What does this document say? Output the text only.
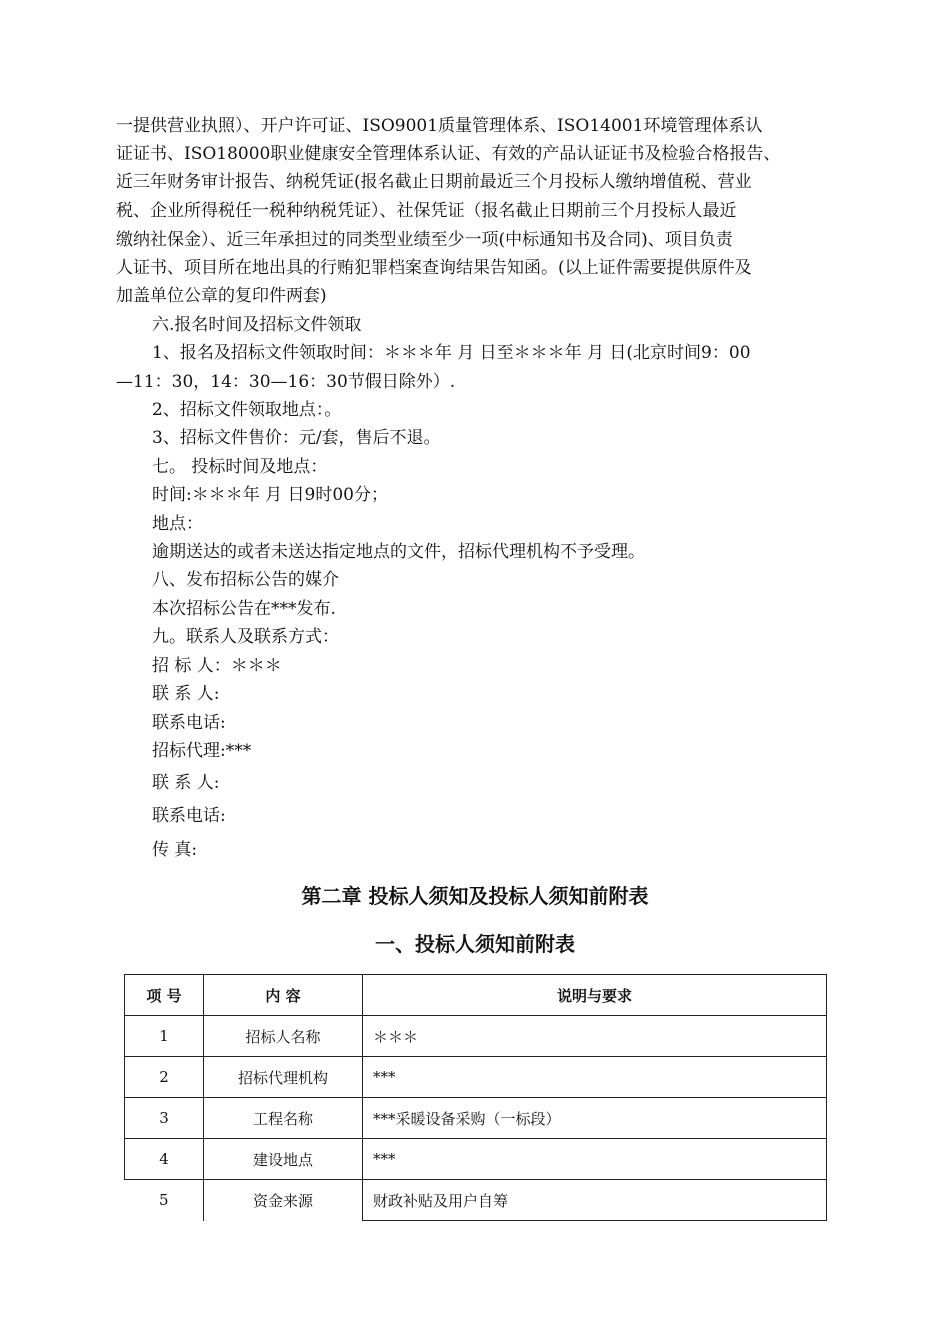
一提供营业执照）、开户许可证、ISO9001质量管理体系、ISO14001环境管理体系认
证证书、ISO18000职业健康安全管理体系认证、有效的产品认证证书及检验合格报告、
近三年财务审计报告、纳税凭证(报名截止日期前最近三个月投标人缴纳增值税、营业
税、企业所得税任一税种纳税凭证）、社保凭证（报名截止日期前三个月投标人最近
缴纳社保金）、近三年承担过的同类型业绩至少一项(中标通知书及合同)、项目负责
人证书、项目所在地出具的行贿犯罪档案查询结果告知函。(以上证件需要提供原件及
加盖单位公章的复印件两套)
六.报名时间及招标文件领取
1、报名及招标文件领取时间：＊＊＊年 月 日至＊＊＊年 月 日(北京时间9：00
—11：30，14：30—16：30节假日除外）.
2、招标文件领取地点：。
3、招标文件售价：元/套，售后不退。
七。 投标时间及地点：
时间:＊＊＊年 月 日9时00分；
地点：
逾期送达的或者未送达指定地点的文件，招标代理机构不予受理。
八、发布招标公告的媒介
本次招标公告在***发布.
九。联系人及联系方式：
招 标 人：＊＊＊
联 系 人:
联系电话:
招标代理:***
联 系 人:
联系电话:
传 真:
第二章 投标人须知及投标人须知前附表
一、投标人须知前附表
项 号	内 容	说明与要求
1	招标人名称	＊＊＊
2	招标代理机构	***
3	工程名称	***采暖设备采购（一标段）
4	建设地点	***
5	资金来源	财政补贴及用户自筹
